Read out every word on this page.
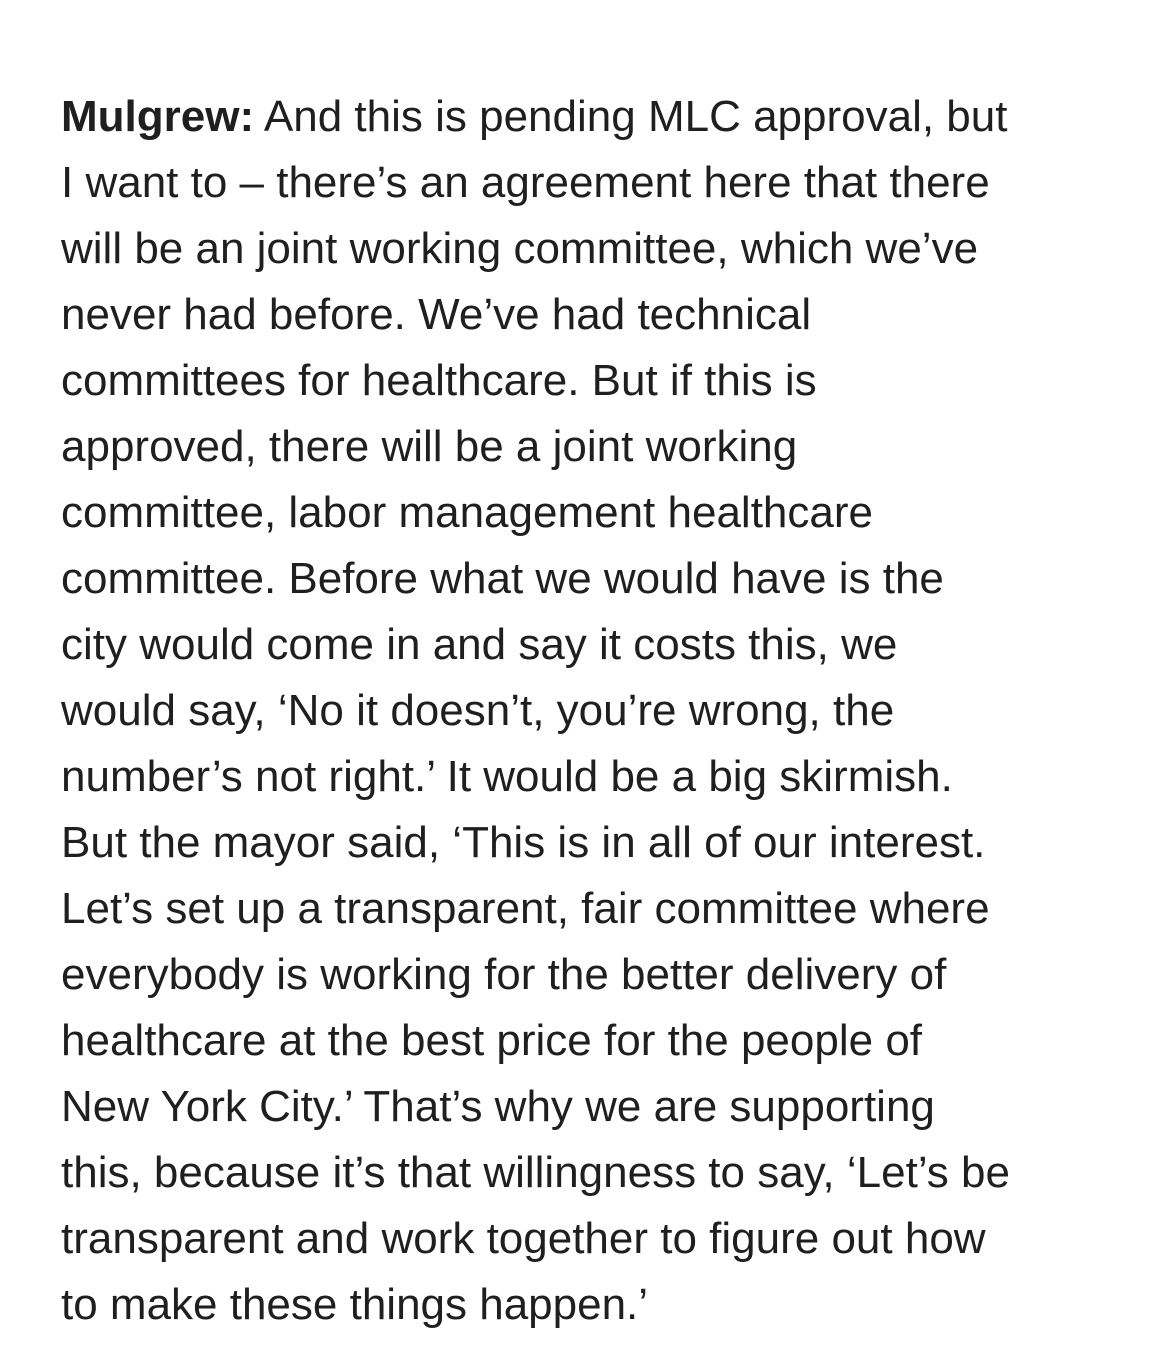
Mulgrew: And this is pending MLC approval, but
I want to – there’s an agreement here that there
will be an joint working committee, which we’ve
never had before. We’ve had technical
committees for healthcare. But if this is
approved, there will be a joint working
committee, labor management healthcare
committee. Before what we would have is the
city would come in and say it costs this, we
would say, ‘No it doesn’t, you’re wrong, the
number’s not right.’ It would be a big skirmish.
But the mayor said, ‘This is in all of our interest.
Let’s set up a transparent, fair committee where
everybody is working for the better delivery of
healthcare at the best price for the people of
New York City.’ That’s why we are supporting
this, because it’s that willingness to say, ‘Let’s be
transparent and work together to figure out how
to make these things happen.’
